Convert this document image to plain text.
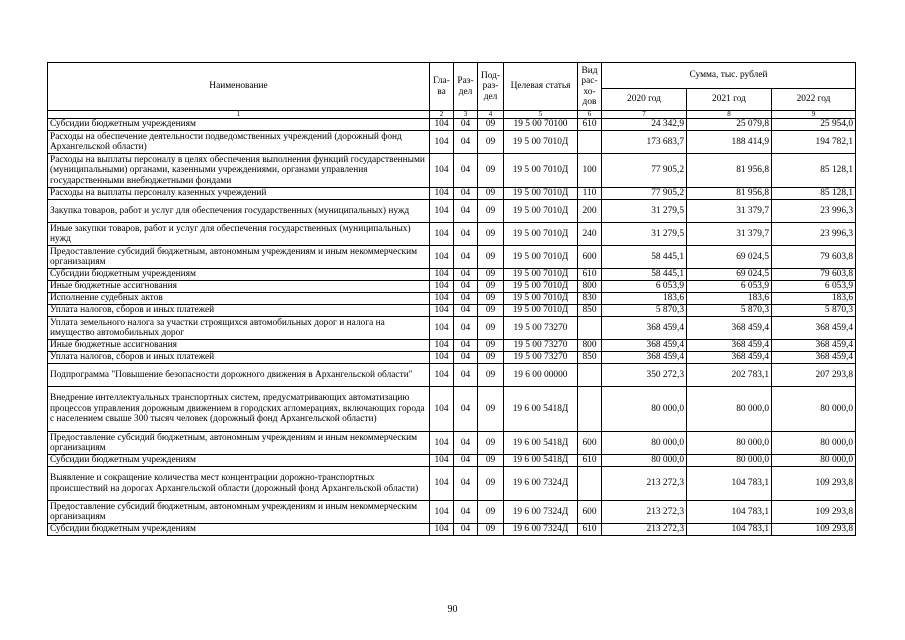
Наименование	Гла-ва	Раз-дел	Под-раз-дел	Целевая статья	Вид рас-хо-дов	Сумма, тыс. рублей		
						2020 год	2021 год	2022 год
1	2	3	4	5	6	7	8	9
Субсидии бюджетным учреждениям	104	04	09	19 5 00 70100	610	24 342,9	25 079,8	25 954,0
Расходы на обеспечение деятельности подведомственных учреждений (дорожный фонд Архангельской области)	104	04	09	19 5 00 7010Д		173 683,7	188 414,9	194 782,1
Расходы на выплаты персоналу в целях обеспечения выполнения функций государственными (муниципальными) органами, казенными учреждениями, органами управления государственными внебюджетными фондами	104	04	09	19 5 00 7010Д	100	77 905,2	81 956,8	85 128,1
Расходы на выплаты персоналу казенных учреждений	104	04	09	19 5 00 7010Д	110	77 905,2	81 956,8	85 128,1
Закупка товаров, работ и услуг для обеспечения государственных (муниципальных) нужд	104	04	09	19 5 00 7010Д	200	31 279,5	31 379,7	23 996,3
Иные закупки товаров, работ и услуг для обеспечения государственных (муниципальных) нужд	104	04	09	19 5 00 7010Д	240	31 279,5	31 379,7	23 996,3
Предоставление субсидий бюджетным, автономным учреждениям и иным некоммерческим организациям	104	04	09	19 5 00 7010Д	600	58 445,1	69 024,5	79 603,8
Субсидии бюджетным учреждениям	104	04	09	19 5 00 7010Д	610	58 445,1	69 024,5	79 603,8
Иные бюджетные ассигнования	104	04	09	19 5 00 7010Д	800	6 053,9	6 053,9	6 053,9
Исполнение судебных актов	104	04	09	19 5 00 7010Д	830	183,6	183,6	183,6
Уплата налогов, сборов и иных платежей	104	04	09	19 5 00 7010Д	850	5 870,3	5 870,3	5 870,3
Уплата земельного налога за участки строящихся автомобильных дорог и налога на имущество автомобильных дорог	104	04	09	19 5 00 73270		368 459,4	368 459,4	368 459,4
Иные бюджетные ассигнования	104	04	09	19 5 00 73270	800	368 459,4	368 459,4	368 459,4
Уплата налогов, сборов и иных платежей	104	04	09	19 5 00 73270	850	368 459,4	368 459,4	368 459,4
Подпрограмма "Повышение безопасности дорожного движения в Архангельской области"	104	04	09	19 6 00 00000		350 272,3	202 783,1	207 293,8
Внедрение интеллектуальных транспортных систем, предусматривающих автоматизацию процессов управления дорожным движением в городских агломерациях, включающих города с населением свыше 300 тысяч человек (дорожный фонд Архангельской области)	104	04	09	19 6 00 5418Д		80 000,0	80 000,0	80 000,0
Предоставление субсидий бюджетным, автономным учреждениям и иным некоммерческим организациям	104	04	09	19 6 00 5418Д	600	80 000,0	80 000,0	80 000,0
Субсидии бюджетным учреждениям	104	04	09	19 6 00 5418Д	610	80 000,0	80 000,0	80 000,0
Выявление и сокращение количества мест концентрации дорожно-транспортных происшествий на дорогах Архангельской области (дорожный фонд Архангельской области)	104	04	09	19 6 00 7324Д		213 272,3	104 783,1	109 293,8
Предоставление субсидий бюджетным, автономным учреждениям и иным некоммерческим организациям	104	04	09	19 6 00 7324Д	600	213 272,3	104 783,1	109 293,8
Субсидии бюджетным учреждениям	104	04	09	19 6 00 7324Д	610	213 272,3	104 783,1	109 293,8
90
